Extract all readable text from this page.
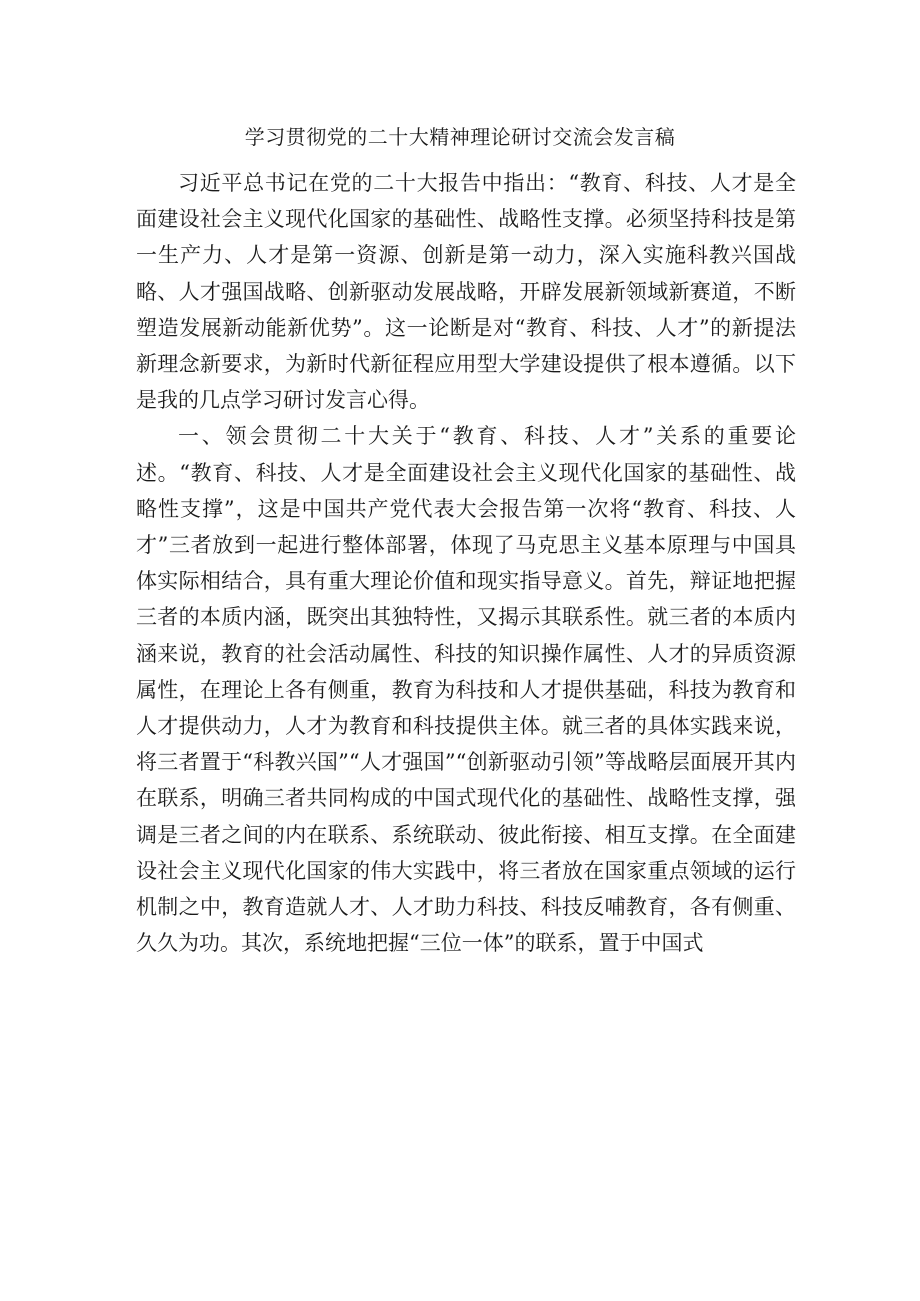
学习贯彻党的二十大精神理论研讨交流会发言稿

习近平总书记在党的二十大报告中指出：“教育、科技、人才是全面建设社会主义现代化国家的基础性、战略性支撑。必须坚持科技是第一生产力、人才是第一资源、创新是第一动力，深入实施科教兴国战略、人才强国战略、创新驱动发展战略，开辟发展新领域新赛道，不断塑造发展新动能新优势”。这一论断是对“教育、科技、人才”的新提法新理念新要求，为新时代新征程应用型大学建设提供了根本遵循。以下是我的几点学习研讨发言心得。

一、领会贯彻二十大关于“教育、科技、人才”关系的重要论述。“教育、科技、人才是全面建设社会主义现代化国家的基础性、战略性支撑”，这是中国共产党代表大会报告第一次将“教育、科技、人才”三者放到一起进行整体部署，体现了马克思主义基本原理与中国具体实际相结合，具有重大理论价值和现实指导意义。首先，辩证地把握三者的本质内涵，既突出其独特性，又揭示其联系性。就三者的本质内涵来说，教育的社会活动属性、科技的知识操作属性、人才的异质资源属性，在理论上各有侧重，教育为科技和人才提供基础，科技为教育和人才提供动力，人才为教育和科技提供主体。就三者的具体实践来说，将三者置于“科教兴国”“人才强国”“创新驱动引领”等战略层面展开其内在联系，明确三者共同构成的中国式现代化的基础性、战略性支撑，强调是三者之间的内在联系、系统联动、彼此衔接、相互支撑。在全面建设社会主义现代化国家的伟大实践中，将三者放在国家重点领域的运行机制之中，教育造就人才、人才助力科技、科技反哺教育，各有侧重、久久为功。其次，系统地把握“三位一体”的联系，置于中国式
